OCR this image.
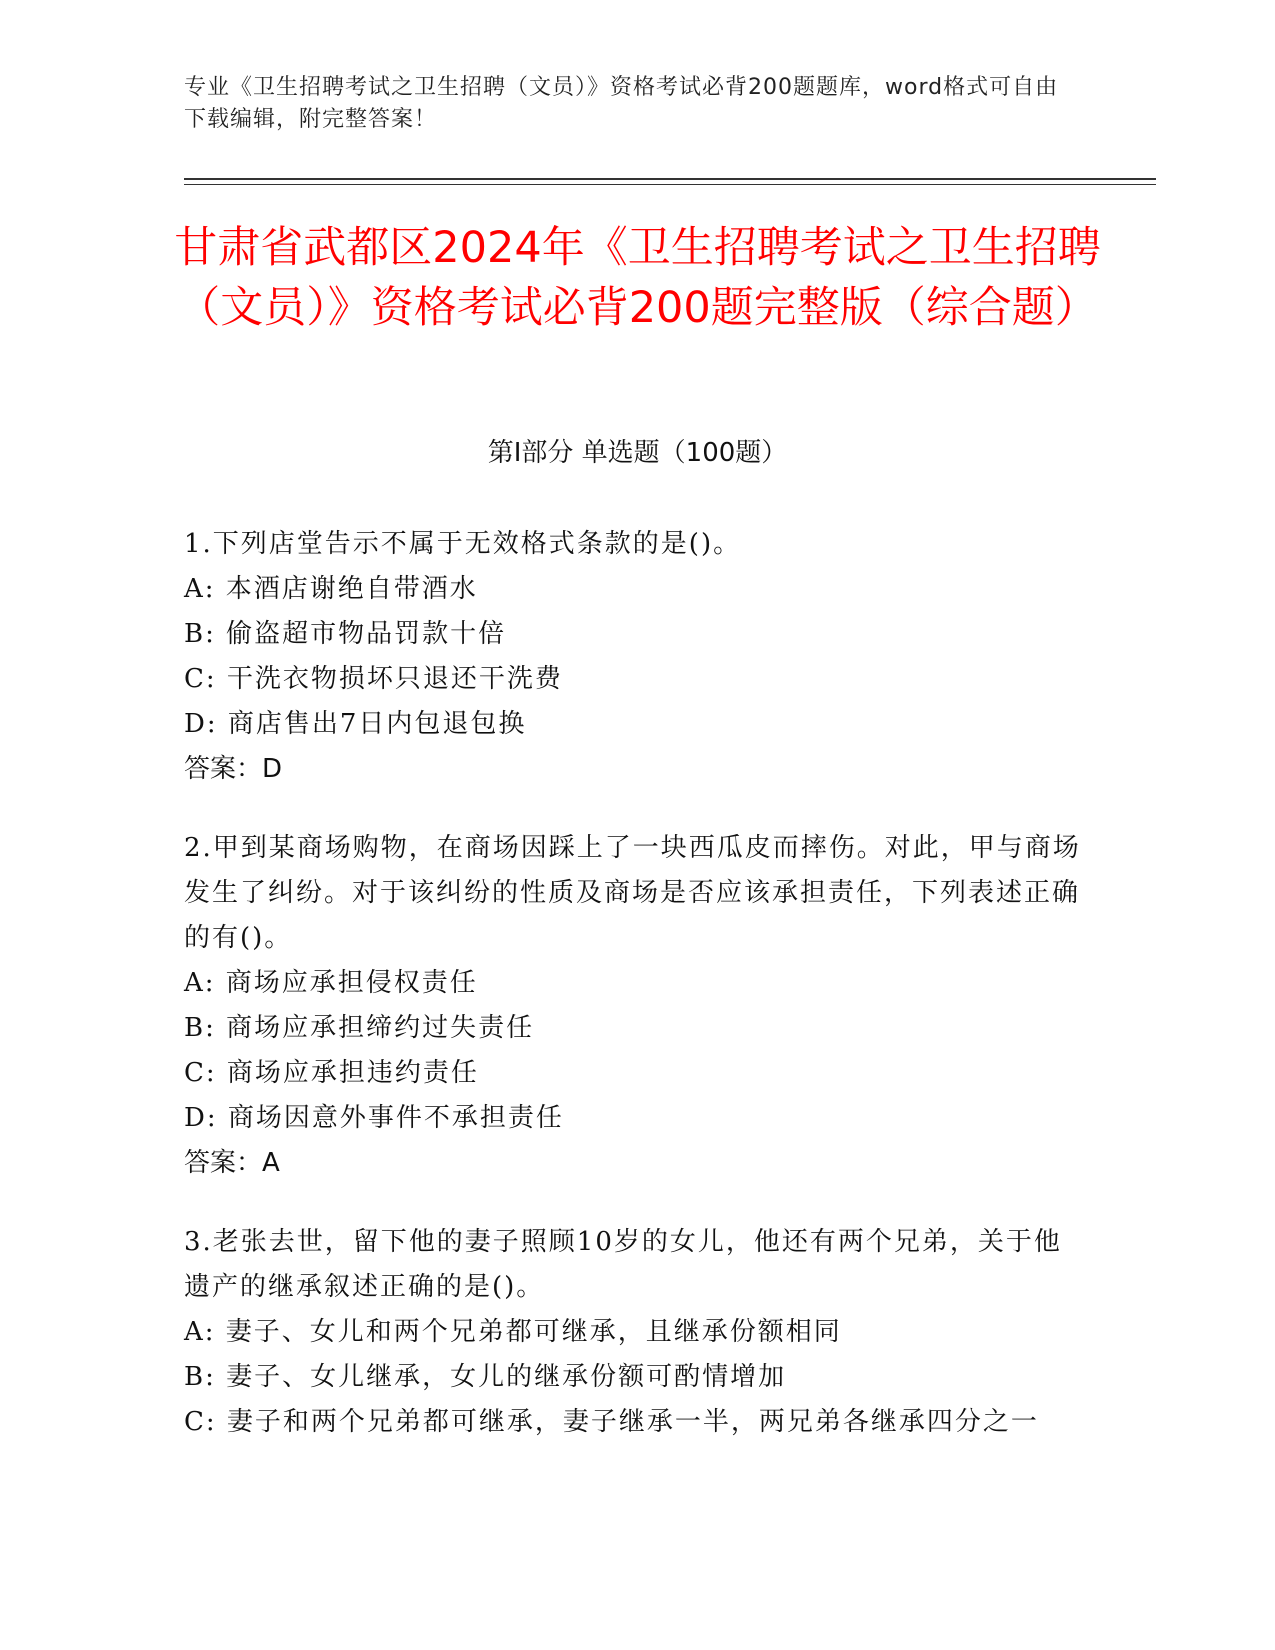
专业《卫生招聘考试之卫生招聘（文员）》资格考试必背200题题库，word格式可自由下载编辑，附完整答案！
甘肃省武都区2024年《卫生招聘考试之卫生招聘（文员）》资格考试必背200题完整版（综合题）
第I部分 单选题（100题）
1.下列店堂告示不属于无效格式条款的是()。
A: 本酒店谢绝自带酒水
B: 偷盗超市物品罚款十倍
C: 干洗衣物损坏只退还干洗费
D: 商店售出7日内包退包换
答案：D
2.甲到某商场购物，在商场因踩上了一块西瓜皮而摔伤。对此，甲与商场发生了纠纷。对于该纠纷的性质及商场是否应该承担责任，下列表述正确的有()。
A: 商场应承担侵权责任
B: 商场应承担缔约过失责任
C: 商场应承担违约责任
D: 商场因意外事件不承担责任
答案：A
3.老张去世，留下他的妻子照顾10岁的女儿，他还有两个兄弟，关于他遗产的继承叙述正确的是()。
A: 妻子、女儿和两个兄弟都可继承，且继承份额相同
B: 妻子、女儿继承，女儿的继承份额可酌情增加
C: 妻子和两个兄弟都可继承，妻子继承一半，两兄弟各继承四分之一
